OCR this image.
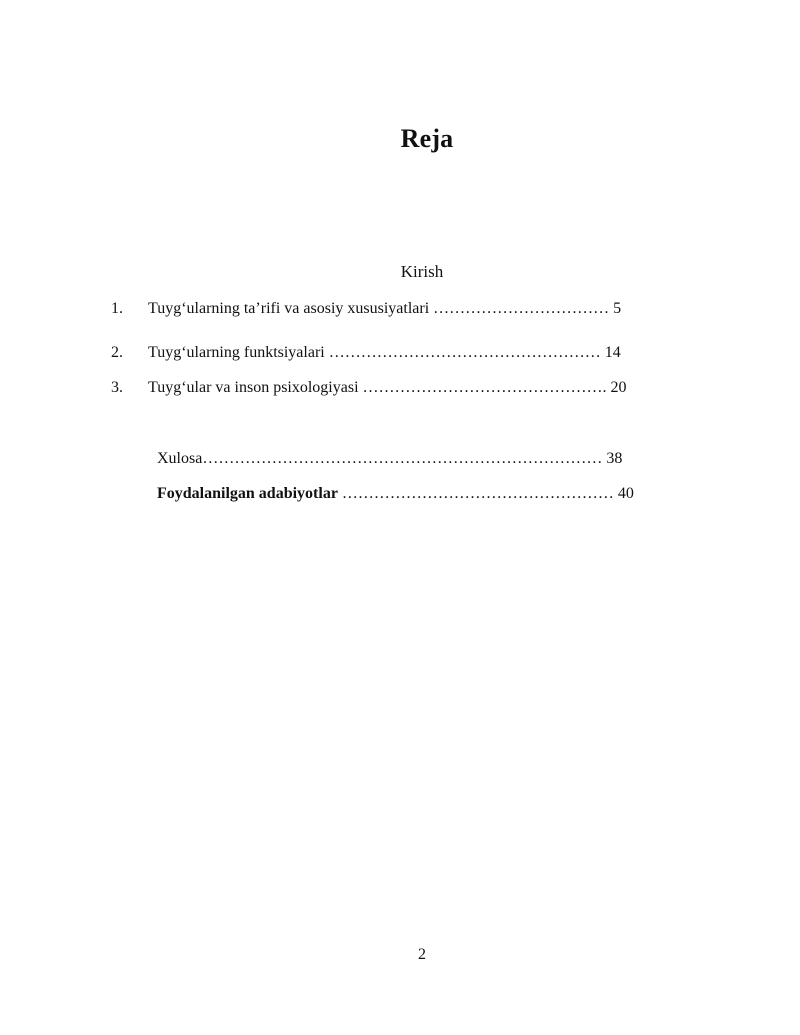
Reja
Kirish
1. Tuyg‘ularning ta’rifi va asosiy xususiyatlari …………………………… 5
2. Tuyg‘ularning funktsiyalari …………………………………………… 14
3. Tuyg‘ular va inson psixologiyasi ………………………………………. 20
Xulosa………………………………………………………………… 38
Foydalanilgan adabiyotlar …………………………………………… 40
2
